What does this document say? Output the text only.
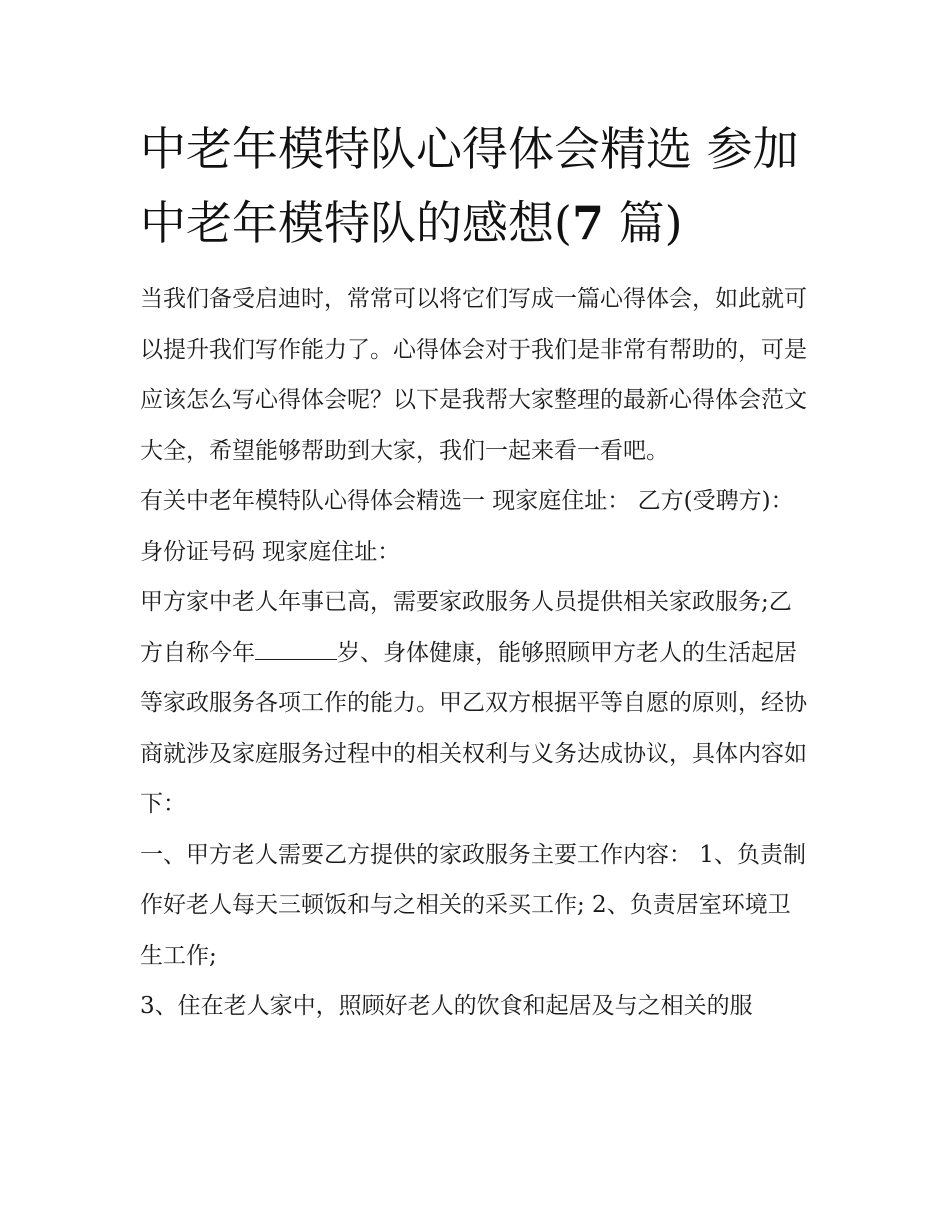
中老年模特队心得体会精选 参加中老年模特队的感想(7 篇)

当我们备受启迪时，常常可以将它们写成一篇心得体会，如此就可以提升我们写作能力了。心得体会对于我们是非常有帮助的，可是应该怎么写心得体会呢？以下是我帮大家整理的最新心得体会范文大全，希望能够帮助到大家，我们一起来看一看吧。

有关中老年模特队心得体会精选一 现家庭住址： 乙方(受聘方)：身份证号码 现家庭住址：

甲方家中老人年事已高，需要家政服务人员提供相关家政服务;乙方自称今年	岁、身体健康，能够照顾甲方老人的生活起居等家政服务各项工作的能力。甲乙双方根据平等自愿的原则，经协商就涉及家庭服务过程中的相关权利与义务达成协议，具体内容如下：

一、甲方老人需要乙方提供的家政服务主要工作内容： 1、负责制作好老人每天三顿饭和与之相关的采买工作; 2、负责居室环境卫生工作;

3、住在老人家中，照顾好老人的饮食和起居及与之相关的服
